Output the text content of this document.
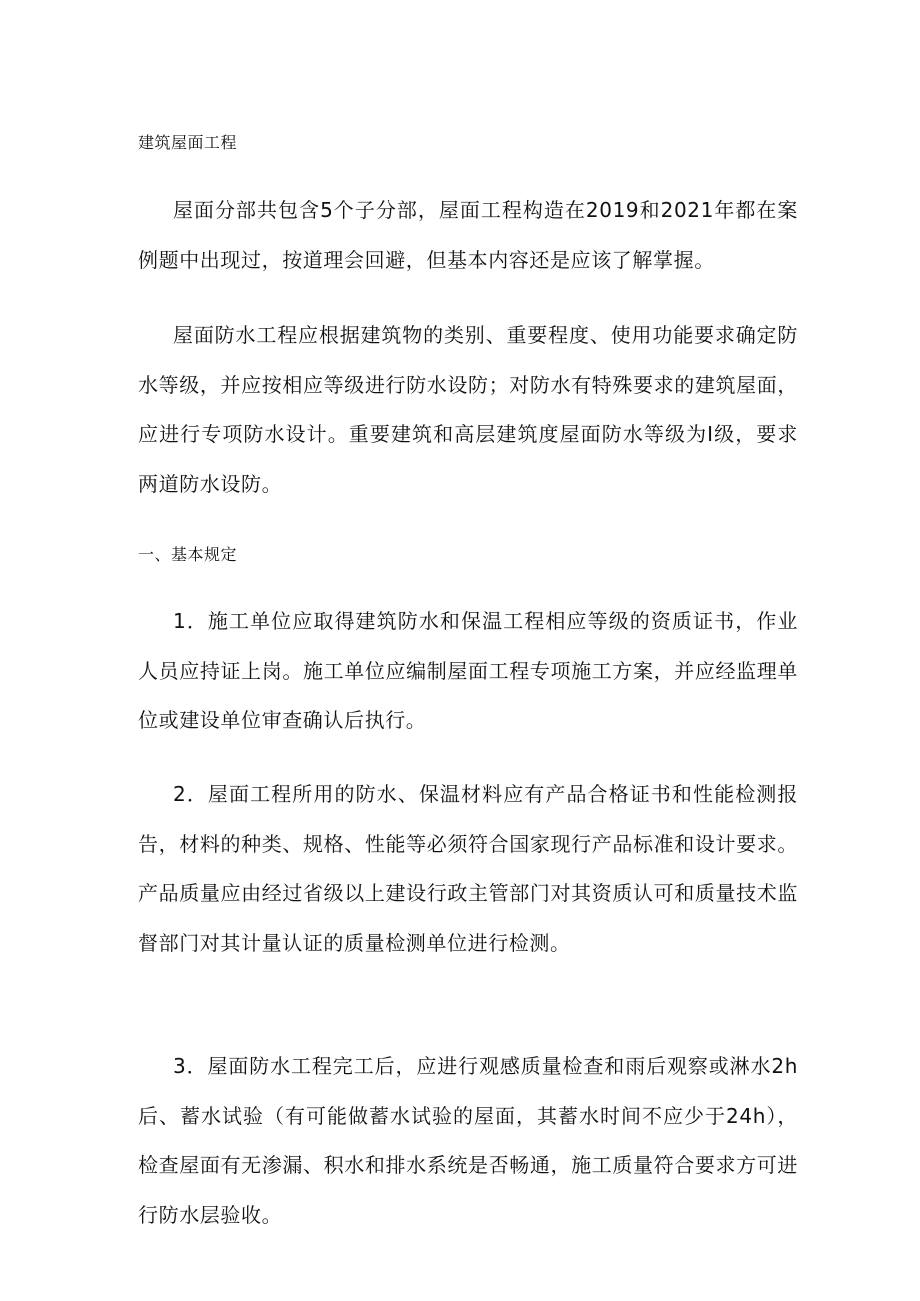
建筑屋面工程

屋面分部共包含5个子分部，屋面工程构造在2019和2021年都在案例题中出现过，按道理会回避，但基本内容还是应该了解掌握。

屋面防水工程应根据建筑物的类别、重要程度、使用功能要求确定防水等级，并应按相应等级进行防水设防；对防水有特殊要求的建筑屋面，应进行专项防水设计。重要建筑和高层建筑度屋面防水等级为Ⅰ级，要求两道防水设防。

一、基本规定

1．施工单位应取得建筑防水和保温工程相应等级的资质证书，作业人员应持证上岗。施工单位应编制屋面工程专项施工方案，并应经监理单位或建设单位审查确认后执行。

2．屋面工程所用的防水、保温材料应有产品合格证书和性能检测报告，材料的种类、规格、性能等必须符合国家现行产品标准和设计要求。产品质量应由经过省级以上建设行政主管部门对其资质认可和质量技术监督部门对其计量认证的质量检测单位进行检测。

3．屋面防水工程完工后，应进行观感质量检查和雨后观察或淋水2h后、蓄水试验（有可能做蓄水试验的屋面，其蓄水时间不应少于24h），检查屋面有无渗漏、积水和排水系统是否畅通，施工质量符合要求方可进行防水层验收。
